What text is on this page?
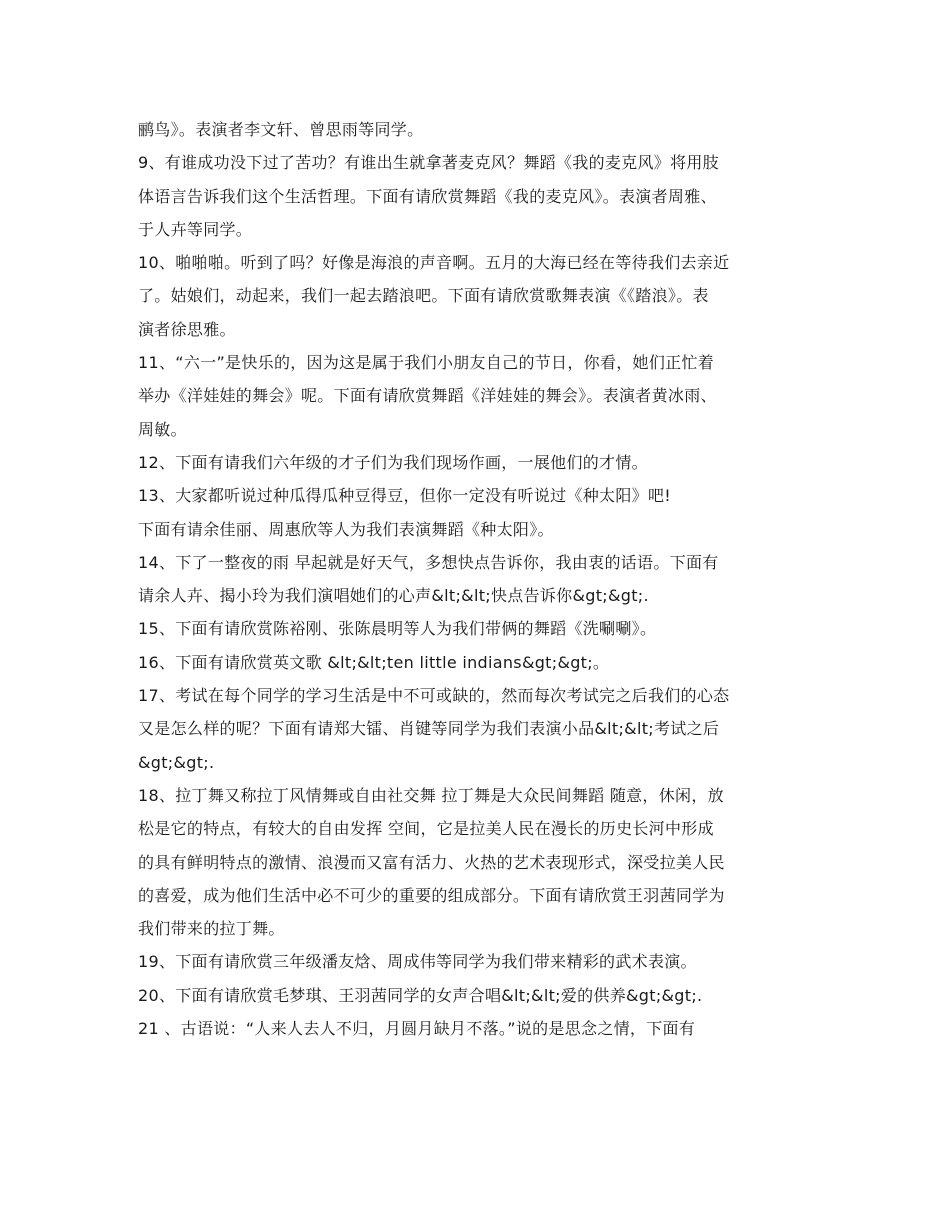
鹂鸟》。表演者李文轩、曾思雨等同学。

9、有谁成功没下过了苦功？有谁出生就拿著麦克风？舞蹈《我的麦克风》将用肢

体语言告诉我们这个生活哲理。下面有请欣赏舞蹈《我的麦克风》。表演者周雅、

于人卉等同学。

10、啪啪啪。听到了吗？好像是海浪的声音啊。五月的大海已经在等待我们去亲近

了。姑娘们，动起来，我们一起去踏浪吧。下面有请欣赏歌舞表演《《踏浪》。表

演者徐思雅。

11、“六一”是快乐的，因为这是属于我们小朋友自己的节日，你看，她们正忙着

举办《洋娃娃的舞会》呢。下面有请欣赏舞蹈《洋娃娃的舞会》。表演者黄冰雨、

周敏。

12、下面有请我们六年级的才子们为我们现场作画，一展他们的才情。

13、大家都听说过种瓜得瓜种豆得豆，但你一定没有听说过《种太阳》吧!

下面有请余佳丽、周惠欣等人为我们表演舞蹈《种太阳》。

14、下了一整夜的雨 早起就是好天气，多想快点告诉你，我由衷的话语。下面有

请余人卉、揭小玲为我们演唱她们的心声&lt;&lt;快点告诉你&gt;&gt;.

15、下面有请欣赏陈裕刚、张陈晨明等人为我们带俩的舞蹈《洗唰唰》。

16、下面有请欣赏英文歌 &lt;&lt;ten little indians&gt;&gt;。

17、考试在每个同学的学习生活是中不可或缺的，然而每次考试完之后我们的心态

又是怎么样的呢？下面有请郑大镭、肖键等同学为我们表演小品&lt;&lt;考试之后

&gt;&gt;.

18、拉丁舞又称拉丁风情舞或自由社交舞 拉丁舞是大众民间舞蹈 随意，休闲，放

松是它的特点，有较大的自由发挥 空间，它是拉美人民在漫长的历史长河中形成

的具有鲜明特点的激情、浪漫而又富有活力、火热的艺术表现形式，深受拉美人民

的喜爱，成为他们生活中必不可少的重要的组成部分。下面有请欣赏王羽茜同学为

我们带来的拉丁舞。

19、下面有请欣赏三年级潘友焓、周成伟等同学为我们带来精彩的武术表演。

20、下面有请欣赏毛梦琪、王羽茜同学的女声合唱&lt;&lt;爱的供养&gt;&gt;.

21 、古语说：“人来人去人不归，月圆月缺月不落。”说的是思念之情，下面有
